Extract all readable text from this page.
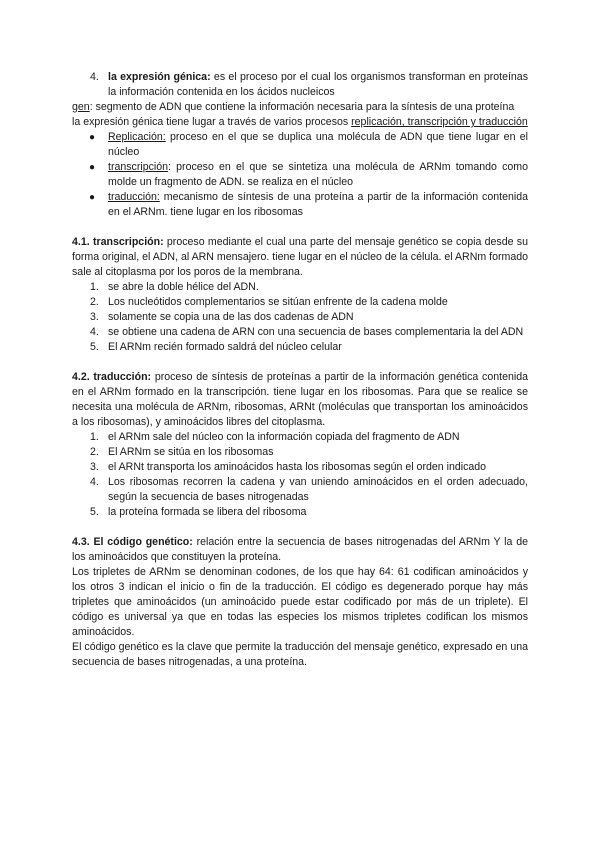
4. la expresión génica: es el proceso por el cual los organismos transforman en proteínas la información contenida en los ácidos nucleicos

gen: segmento de ADN que contiene la información necesaria para la síntesis de una proteína

la expresión génica tiene lugar a través de varios procesos replicación, transcripción y traducción

●
Replicación: proceso en el que se duplica una molécula de ADN que tiene lugar en el núcleo

●
transcripción: proceso en el que se sintetiza una molécula de ARNm tomando como molde un fragmento de ADN. se realiza en el núcleo

●
traducción: mecanismo de síntesis de una proteína a partir de la información contenida en el ARNm. tiene lugar en los ribosomas

4.1. transcripción: proceso mediante el cual una parte del mensaje genético se copia desde su forma original, el ADN, al ARN mensajero. tiene lugar en el núcleo de la célula. el ARNm formado sale al citoplasma por los poros de la membrana.

1. se abre la doble hélice del ADN.
2. Los nucleótidos complementarios se sitúan enfrente de la cadena molde
3. solamente se copia una de las dos cadenas de ADN
4. se obtiene una cadena de ARN con una secuencia de bases complementaria la del ADN
5. El ARNm recién formado saldrá del núcleo celular

4.2. traducción: proceso de síntesis de proteínas a partir de la información genética contenida en el ARNm formado en la transcripción. tiene lugar en los ribosomas. Para que se realice se necesita una molécula de ARNm, ribosomas, ARNt (moléculas que transportan los aminoácidos a los ribosomas), y aminoácidos libres del citoplasma.

1. el ARNm sale del núcleo con la información copiada del fragmento de ADN
2. El ARNm se sitúa en los ribosomas
3. el ARNt transporta los aminoácidos hasta los ribosomas según el orden indicado
4. Los ribosomas recorren la cadena y van uniendo aminoácidos en el orden adecuado, según la secuencia de bases nitrogenadas
5. la proteína formada se libera del ribosoma

4.3. El código genético: relación entre la secuencia de bases nitrogenadas del ARNm Y la de los aminoácidos que constituyen la proteína.

Los tripletes de ARNm se denominan codones, de los que hay 64: 61 codifican aminoácidos y los otros 3 indican el inicio o fin de la traducción. El código es degenerado porque hay más tripletes que aminoácidos (un aminoácido puede estar codificado por más de un triplete). El código es universal ya que en todas las especies los mismos tripletes codifican los mismos aminoácidos.

El código genético es la clave que permite la traducción del mensaje genético, expresado en una secuencia de bases nitrogenadas, a una proteína.
